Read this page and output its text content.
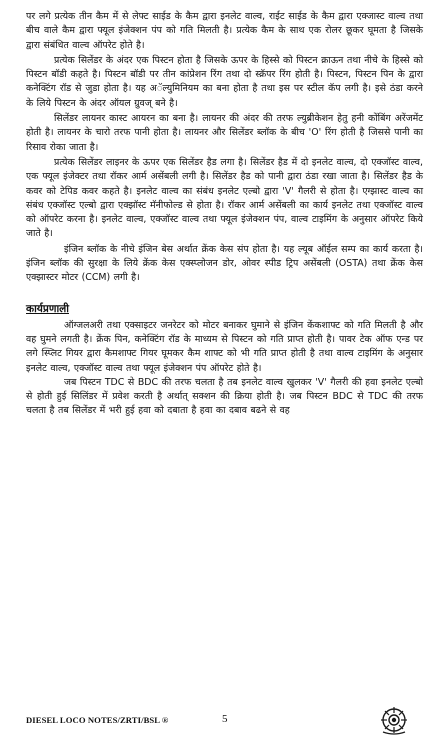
पर लगे प्रत्येक तीन कैम में से लेफ्ट साईड के कैम द्वारा इनलेट वाल्व, राईट साईड के कैम द्वारा एक्जास्ट वाल्व तथा बीच वाले कैम द्वारा फ्यूल इंजेक्शन पंप को गति मिलती है। प्रत्येक कैम के साथ एक रोलर छूकर घूमता है जिसके द्वारा संबंधित वाल्व ऑपरेट होते है।

प्रत्येक सिलेंडर के अंदर एक पिस्टन होता है जिसके ऊपर के हिस्से को पिस्टन क्राऊन तथा नीचे के हिस्से को पिस्टन बॉडी कहते है। पिस्टन बॉडी पर तीन कांप्रेशन रिंग तथा दो स्क्रॅपर रिंग होती है। पिस्टन, पिस्टन पिन के द्वारा कनेक्टिंग रॉड से जुडा होता है। यह अॅल्युमिनियम का बना होता है तथा इस पर स्टील कॅप लगी है। इसे ठंडा करने के लिये पिस्टन के अंदर ऑयल ग्रुवज् बने है।

सिलेंडर लायनर कास्ट आयरन का बना है। लायनर की अंदर की तरफ ल्युब्रीकेशन हेतु हनी कोंबिंग अरेंजमेंट होती है। लायनर के चारो तरफ पानी होता है। लायनर और सिलेंडर ब्लॉक के बीच 'O' रिंग होती है जिससे पानी का रिसाव रोका जाता है।

प्रत्येक सिलेंडर लाइनर के ऊपर एक सिलेंडर हैड लगा है। सिलेंडर हैड में दो इनलेट वाल्व, दो एक्जॉस्ट वाल्व, एक फ्यूल इंजेक्टर तथा रॉकर आर्म असेंबली लगी है। सिलेंडर हैड को पानी द्वारा ठंडा रखा जाता है। सिलेंडर हैड के कवर को टेपिड कवर कहते है। इनलेट वाल्व का संबंध इनलेट एल्बो द्वारा 'V' गैलरी से होता है। एग्झास्ट वाल्व का संबंध एक्जॉस्ट एल्बो द्वारा एक्झॉस्ट मॅनीफोल्ड से होता है। रॉकर आर्म असेंबली का कार्य इनलेट तथा एक्जॉस्ट वाल्व को ऑपरेट करना है। इनलेट वाल्व, एक्जॉस्ट वाल्व तथा फ्यूल इंजेक्शन पंप, वाल्व टाइमिंग के अनुसार ऑपरेट किये जाते है।

इंजिन ब्लॉक के नीचे इंजिन बेस अर्थात क्रेंक केस संप होता है। यह ल्यूब ऑईल सम्प का कार्य करता है। इंजिन ब्लॉक की सुरक्षा के लिये क्रेंक केस एक्स्प्लोजन डोर, ओवर स्पीड ट्रिप असेंबली (OSTA) तथा क्रेंक केस एक्झास्टर मोटर (CCM) लगी है।

कार्यप्रणाली

ऑग्जलअरी तथा एक्साइटर जनरेटर को मोटर बनाकर घुमाने से इंजिन केंकशाफ्ट को गति मिलती है और वह घुमने लगती है। क्रेंक पिन, कनेक्टिंग रॉड के माध्यम से पिस्टन को गति प्राप्त होती है। पावर टेक ऑफ एन्ड पर लगे स्प्लिट गियर द्वारा कैमशाफ्ट गियर घूमकर कैम शाफ्ट को भी गति प्राप्त होती है तथा वाल्व टाइमिंग के अनुसार इनलेट वाल्व, एक्जॉस्ट वाल्व तथा फ्यूल इंजेक्शन पंप ऑपरेट होते है।

जब पिस्टन TDC से BDC की तरफ चलता है तब इनलेट वाल्व खुलकर 'V' गैलरी की हवा इनलेट एल्बो से होती हुई सिलिंडर में प्रवेश करती है अर्थात् सक्शन की क्रिया होती है। जब पिस्टन BDC से TDC की तरफ चलता है तब सिलेंडर में भरी हुई हवा को दबाता है हवा का दबाव बढने से वह

DIESEL LOCO NOTES/ZRTI/BSL ®	5
